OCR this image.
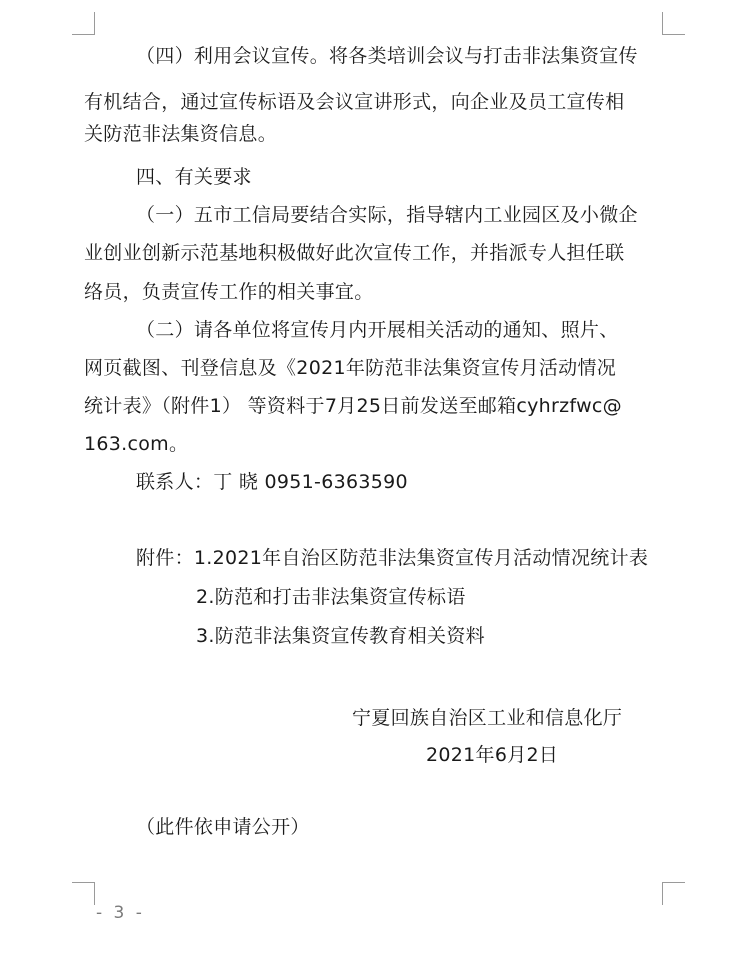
（四）利用会议宣传。将各类培训会议与打击非法集资宣传
有机结合，通过宣传标语及会议宣讲形式，向企业及员工宣传相
关防范非法集资信息。
四、有关要求
（一）五市工信局要结合实际，指导辖内工业园区及小微企
业创业创新示范基地积极做好此次宣传工作，并指派专人担任联
络员，负责宣传工作的相关事宜。
（二）请各单位将宣传月内开展相关活动的通知、照片、
网页截图、刊登信息及《2021年防范非法集资宣传月活动情况
统计表》（附件1） 等资料于7月25日前发送至邮箱cyhrzfwc@
163.com。
联系人：丁 晓 0951-6363590
附件：1.2021年自治区防范非法集资宣传月活动情况统计表
2.防范和打击非法集资宣传标语
3.防范非法集资宣传教育相关资料
宁夏回族自治区工业和信息化厅
2021年6月2日
（此件依申请公开）
- 3 -
